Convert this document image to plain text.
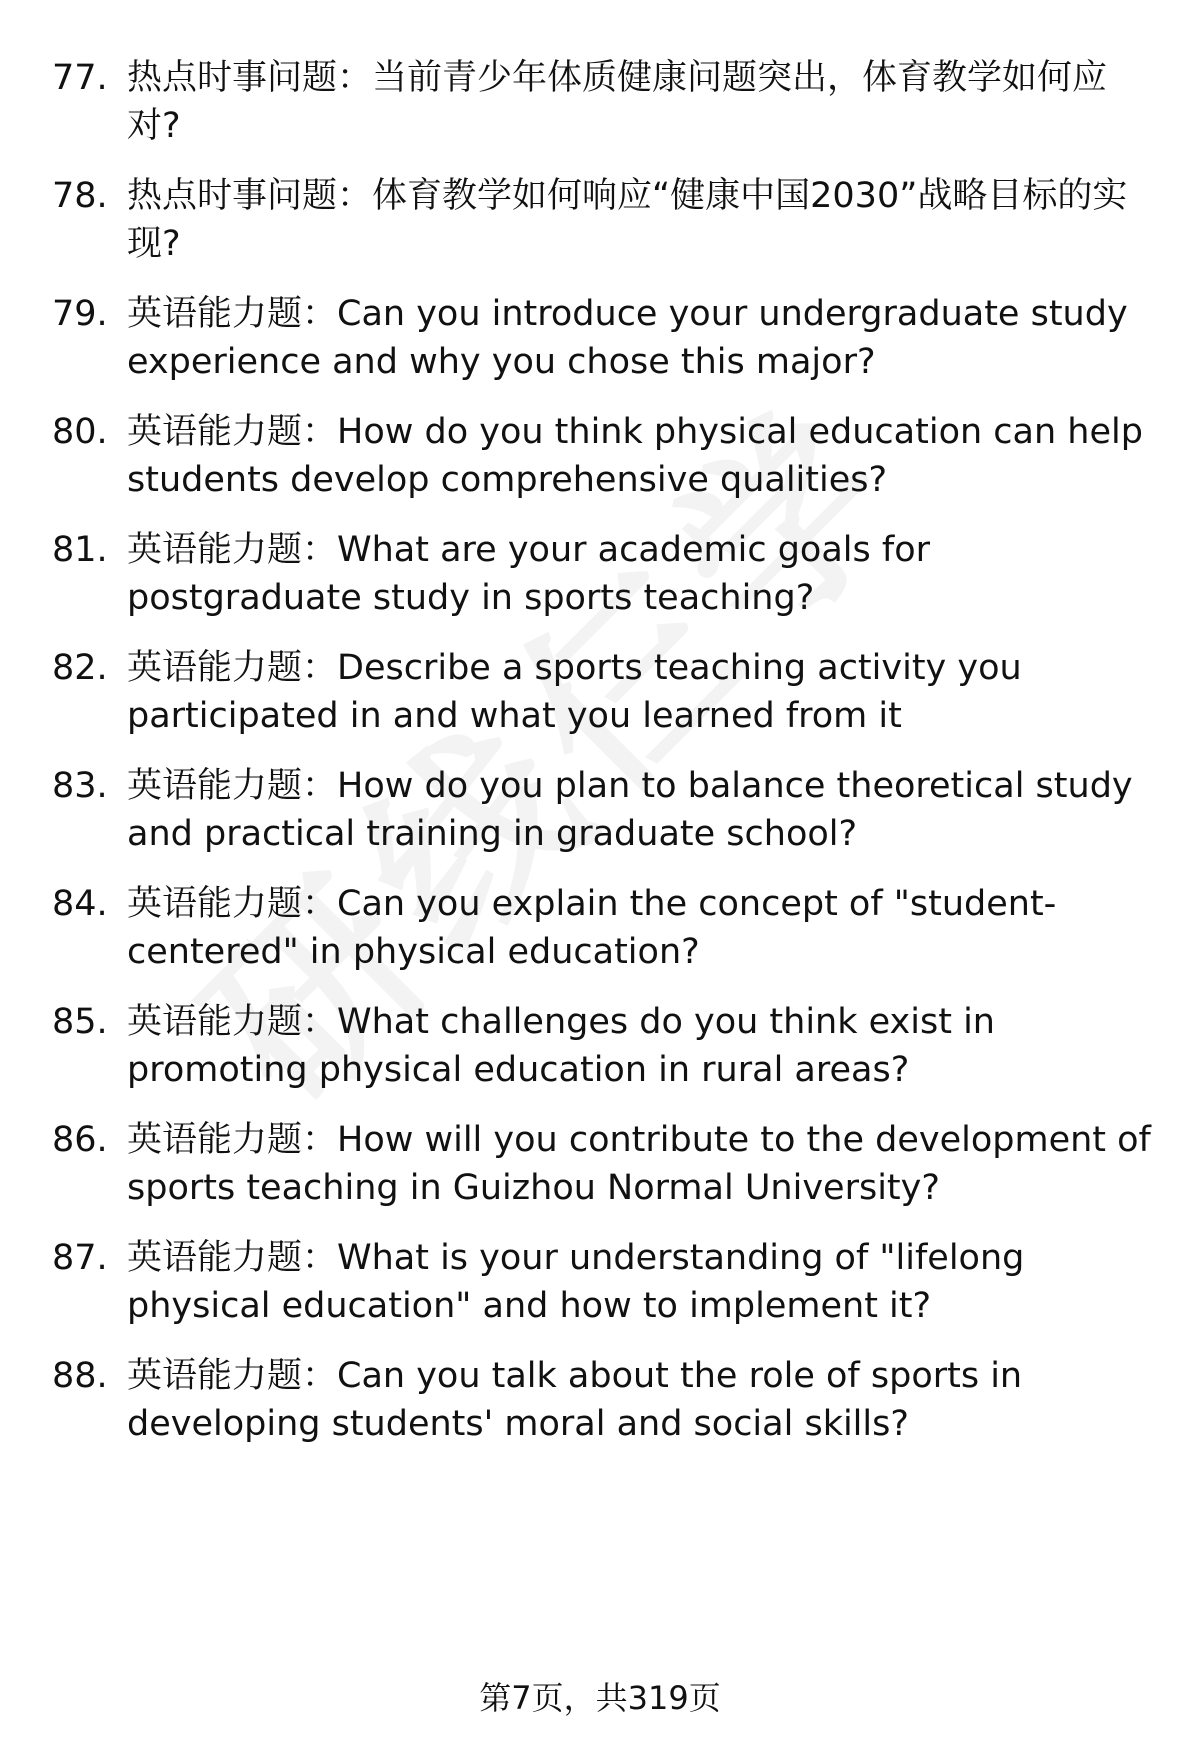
77. 热点时事问题：当前青少年体质健康问题突出，体育教学如何应对?
78. 热点时事问题：体育教学如何响应“健康中国2030”战略目标的实现?
79. 英语能力题：Can you introduce your undergraduate study experience and why you chose this major?
80. 英语能力题：How do you think physical education can help students develop comprehensive qualities?
81. 英语能力题：What are your academic goals for postgraduate study in sports teaching?
82. 英语能力题：Describe a sports teaching activity you participated in and what you learned from it
83. 英语能力题：How do you plan to balance theoretical study and practical training in graduate school?
84. 英语能力题：Can you explain the concept of "student-centered" in physical education?
85. 英语能力题：What challenges do you think exist in promoting physical education in rural areas?
86. 英语能力题：How will you contribute to the development of sports teaching in Guizhou Normal University?
87. 英语能力题：What is your understanding of "lifelong physical education" and how to implement it?
88. 英语能力题：Can you talk about the role of sports in developing students' moral and social skills?
第7页，共319页
